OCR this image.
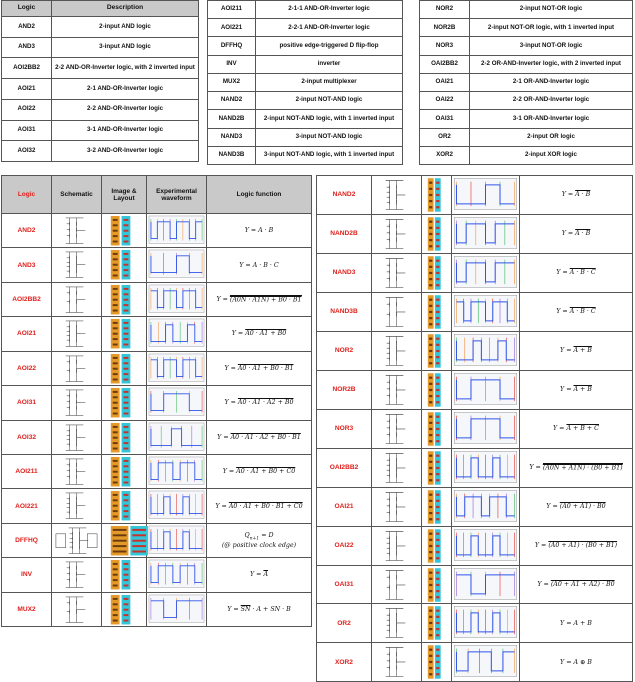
Logic	Description
AND2	2-input AND logic
AND3	3-input AND logic
AOI2BB2	2-2 AND-OR-Inverter logic, with 2 inverted input
AOI21	2-1 AND-OR-Inverter logic
AOI22	2-2 AND-OR-Inverter logic
AOI31	3-1 AND-OR-Inverter logic
AOI32	3-2 AND-OR-Inverter logic
AOI211	2-1-1 AND-OR-Inverter logic
AOI221	2-2-1 AND-OR-Inverter logic
DFFHQ	positive edge-triggered D flip-flop
INV	inverter
MUX2	2-input multiplexer
NAND2	2-input NOT-AND logic
NAND2B	2-input NOT-AND logic, with 1 inverted input
NAND3	3-input NOT-AND logic
NAND3B	3-input NOT-AND logic, with 1 inverted input
NOR2	2-input NOT-OR logic
NOR2B	2-input NOT-OR logic, with 1 inverted input
NOR3	3-input NOT-OR logic
OAI2BB2	2-2 OR-AND-Inverter logic, with 2 inverted input
OAI21	2-1 OR-AND-Inverter logic
OAI22	2-2 OR-AND-Inverter logic
OAI31	3-1 OR-AND-Inverter logic
OR2	2-input OR logic
XOR2	2-input XOR logic
Logic	Schematic	Image & Layout	Experimental waveform	Logic function
AND2				Y = A · B

AND3				Y = A · B · C

AOI2BB2				Y = (A0N · A1N) + B0 · B1

AOI21				Y = A0 · A1 + B0

AOI22				Y = A0 · A1 + B0 · B1

AOI31				Y = A0 · A1 · A2 + B0

AOI32				Y = A0 · A1 · A2 + B0 · B1

AOI211				Y = A0 · A1 + B0 + C0

AOI221				Y = A0 · A1 + B0 · B1 + C0

DFFHQ				$Q_{n+1} = D$
(@ positive clock edge)

INV				$Y = \overline{A}$

MUX2				$Y = \overline{SN} \cdot A$ + SN · B
NAND2				Y = A · B

NAND2B				Y = A · B

NAND3				Y = A · B · C

NAND3B				Y = A · B · C

NOR2				Y = A + B

NOR2B				Y = A + B

NOR3				Y = A + B + C

OAI2BB2				Y = (A0N + A1N) · (B0 + B1)

OAI21				Y = (A0 + A1) · B0

OAI22				Y = (A0 + A1) · (B0 + B1)

OAI31				Y = (A0 + A1 + A2) · B0

OR2				Y = A + B

XOR2				Y = A ⊕ B
